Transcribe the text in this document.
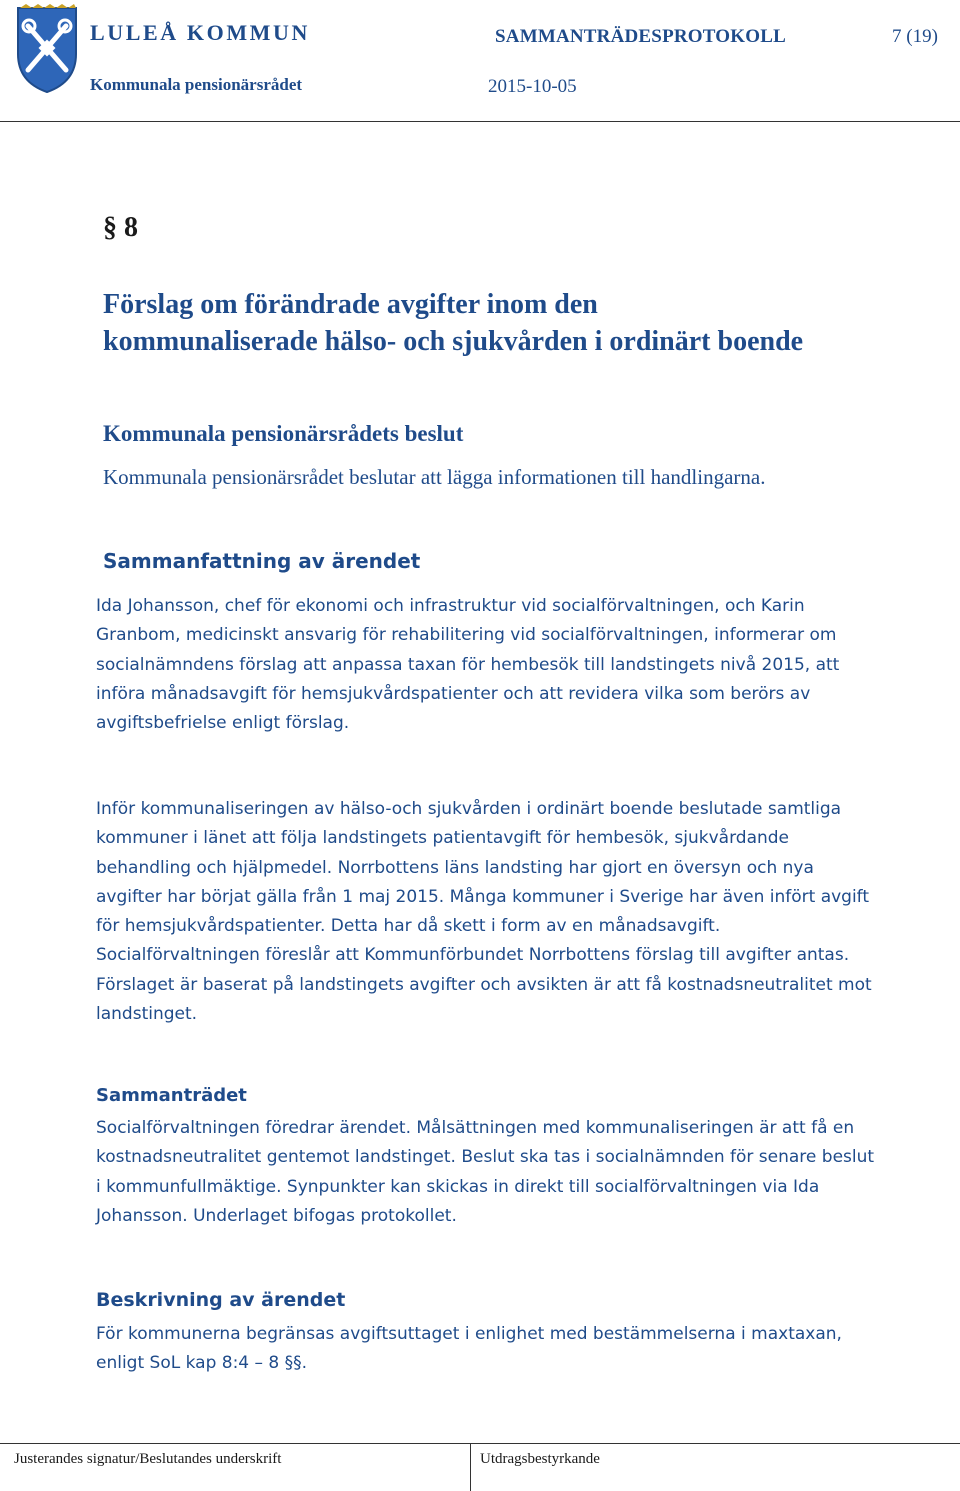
LULEÅ KOMMUN
Kommunala pensionärsrådet
SAMMANTRÄDESPROTOKOLL	7 (19)
2015-10-05
§ 8
Förslag om förändrade avgifter inom den
kommunaliserade hälso- och sjukvården i ordinärt boende
Kommunala pensionärsrådets beslut
Kommunala pensionärsrådet beslutar att lägga informationen till handlingarna.
Sammanfattning av ärendet
Ida Johansson, chef för ekonomi och infrastruktur vid socialförvaltningen, och Karin Granbom, medicinskt ansvarig för rehabilitering vid socialförvaltningen, informerar om socialnämndens förslag att anpassa taxan för hembesök till landstingets nivå 2015, att införa månadsavgift för hemsjukvårdspatienter och att revidera vilka som berörs av avgiftsbefrielse enligt förslag.
Inför kommunaliseringen av hälso-och sjukvården i ordinärt boende beslutade samtliga kommuner i länet att följa landstingets patientavgift för hembesök, sjukvårdande behandling och hjälpmedel. Norrbottens läns landsting har gjort en översyn och nya avgifter har börjat gälla från 1 maj 2015. Många kommuner i Sverige har även infört avgift för hemsjukvårdspatienter. Detta har då skett i form av en månadsavgift. Socialförvaltningen föreslår att Kommunförbundet Norrbottens förslag till avgifter antas. Förslaget är baserat på landstingets avgifter och avsikten är att få kostnadsneutralitet mot landstinget.
Sammanträdet
Socialförvaltningen föredrar ärendet. Målsättningen med kommunaliseringen är att få en kostnadsneutralitet gentemot landstinget. Beslut ska tas i socialnämnden för senare beslut i kommunfullmäktige. Synpunkter kan skickas in direkt till socialförvaltningen via Ida Johansson. Underlaget bifogas protokollet.
Beskrivning av ärendet
För kommunerna begränsas avgiftsuttaget i enlighet med bestämmelserna i maxtaxan, enligt SoL kap 8:4 – 8 §§.
Justerandes signatur/Beslutandes underskrift	Utdragsbestyrkande
